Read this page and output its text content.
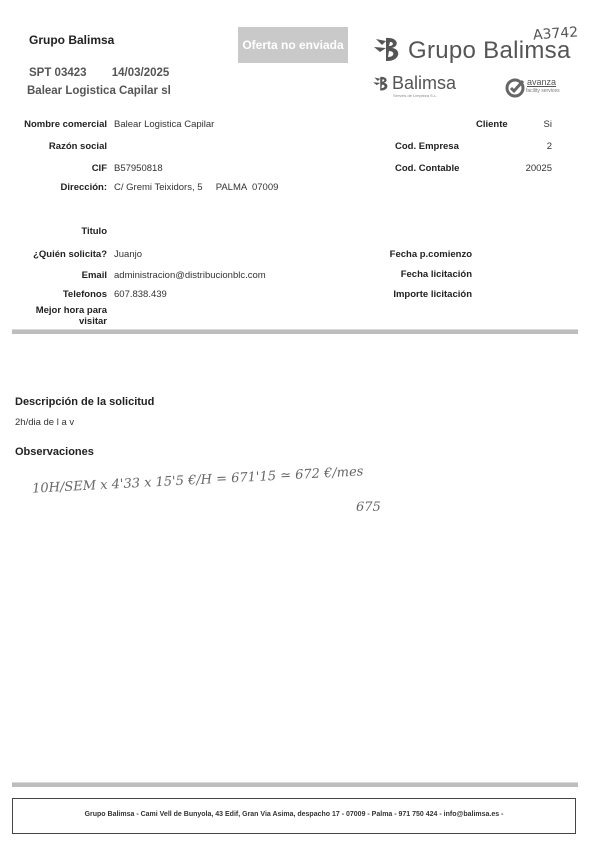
Grupo Balimsa	Oferta no enviada
SPT 03423 14/03/2025
Balear Logistica Capilar sl
Grupo Balimsa
A3742
Balimsa
Serveis de Limpieza S.L.
avanza
facility services
Nombre comercial Balear Logistica Capilar
Razón social
CIF B57950818
Dirección: C/ Gremi Teixidors, 5     PALMA  07009
Cliente	Si
Cod. Empresa	2
Cod. Contable	20025
Titulo
¿Quién solicita? Juanjo
Email administracion@distribucionblc.com
Telefonos 607.838.439
Mejor hora para visitar
Fecha p.comienzo
Fecha licitación
Importe licitación
Descripción de la solicitud
2h/dia de l a v
Observaciones
10H/SEM x 4'33 x 15'5 €/H = 671'15 ≃ 672 €/mes
675
Grupo Balimsa - Cami Vell de Bunyola, 43 Edif, Gran Via Asima, despacho 17 - 07009 - Palma - 971 750 424 - info@balimsa.es -
